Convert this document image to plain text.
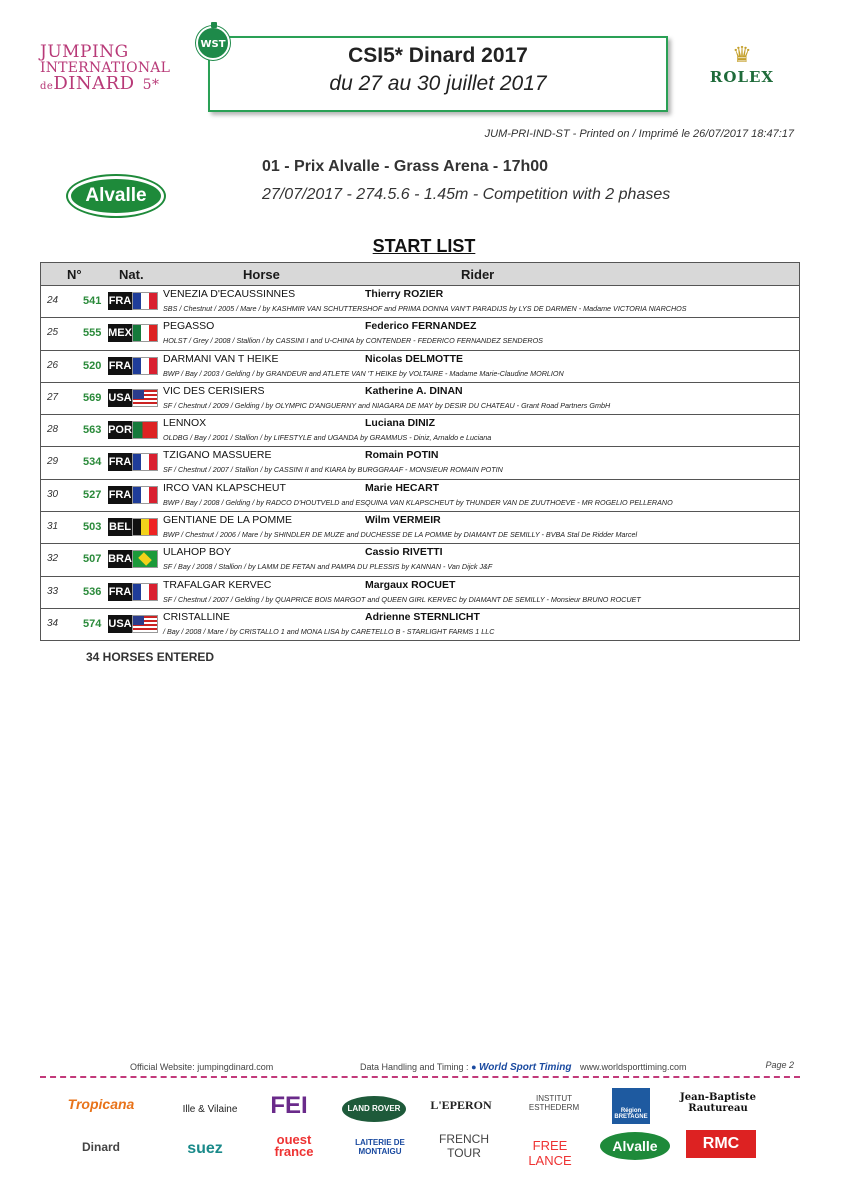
JUMPING
INTERNATIONAL
deDINARD 5*
CSI5* Dinard 2017
du 27 au 30 juillet 2017
WST	♛
ROLEX
JUM-PRI-IND-ST - Printed on / Imprimé le 26/07/2017 18:47:17
Alvalle
01 - Prix Alvalle - Grass Arena - 17h00
27/07/2017 - 274.5.6 - 1.45m - Competition with 2 phases
START LIST
N°	Nat.	Horse	Rider
24 541 FRA
VENEZIA D'ECAUSSINNES	Thierry ROZIER
SBS / Chestnut / 2005 / Mare / by KASHMIR VAN SCHUTTERSHOF and PRIMA DONNA VAN'T PARADIJS by LYS DE DARMEN - Madame VICTORIA NIARCHOS
25 555 MEX
PEGASSO	Federico FERNANDEZ
HOLST / Grey / 2008 / Stallion / by CASSINI I and U-CHINA by CONTENDER - FEDERICO FERNANDEZ SENDEROS
26 520 FRA
DARMANI VAN T HEIKE	Nicolas DELMOTTE
BWP / Bay / 2003 / Gelding / by GRANDEUR and ATLETE VAN 'T HEIKE by VOLTAIRE - Madame Marie-Claudine MORLION
27 569 USA
VIC DES CERISIERS	Katherine A. DINAN
SF / Chestnut / 2009 / Gelding / by OLYMPIC D'ANGUERNY and NIAGARA DE MAY by DESIR DU CHATEAU - Grant Road Partners GmbH
28 563 POR
LENNOX	Luciana DINIZ
OLDBG / Bay / 2001 / Stallion / by LIFESTYLE and UGANDA by GRAMMUS - Diniz, Arnaldo e Luciana
29 534 FRA
TZIGANO MASSUERE	Romain POTIN
SF / Chestnut / 2007 / Stallion / by CASSINI II and KIARA by BURGGRAAF - MONSIEUR ROMAIN POTIN
30 527 FRA
IRCO VAN KLAPSCHEUT	Marie HECART
BWP / Bay / 2008 / Gelding / by RADCO D'HOUTVELD and ESQUINA VAN KLAPSCHEUT by THUNDER VAN DE ZUUTHOEVE - MR ROGELIO PELLERANO
31 503 BEL
GENTIANE DE LA POMME	Wilm VERMEIR
BWP / Chestnut / 2006 / Mare / by SHINDLER DE MUZE and DUCHESSE DE LA POMME by DIAMANT DE SEMILLY - BVBA Stal De Ridder Marcel
32 507 BRA
ULAHOP BOY	Cassio RIVETTI
SF / Bay / 2008 / Stallion / by LAMM DE FETAN and PAMPA DU PLESSIS by KANNAN - Van Dijck J&F
33 536 FRA
TRAFALGAR KERVEC	Margaux ROCUET
SF / Chestnut / 2007 / Gelding / by QUAPRICE BOIS MARGOT and QUEEN GIRL KERVEC by DIAMANT DE SEMILLY - Monsieur BRUNO ROCUET
34 574 USA
CRISTALLINE	Adrienne STERNLICHT
/ Bay / 2008 / Mare / by CRISTALLO 1 and MONA LISA by CARETELLO B - STARLIGHT FARMS 1 LLC
34 HORSES ENTERED
Official Website: jumpingdinard.com	Data Handling and Timing : ● World Sport Timing www.worldsporttiming.com	Page 2
Tropicana	Ille & Vilaine	FEI	LAND ROVER	L'EPERON	INSTITUT ESTHEDERM	Région BRETAGNE
Jean-Baptiste Rautureau
Dinard	suez
ouest france
LAITERIE DE MONTAIGU
FRENCH TOUR	FREE LANCE
Alvalle	RMC
